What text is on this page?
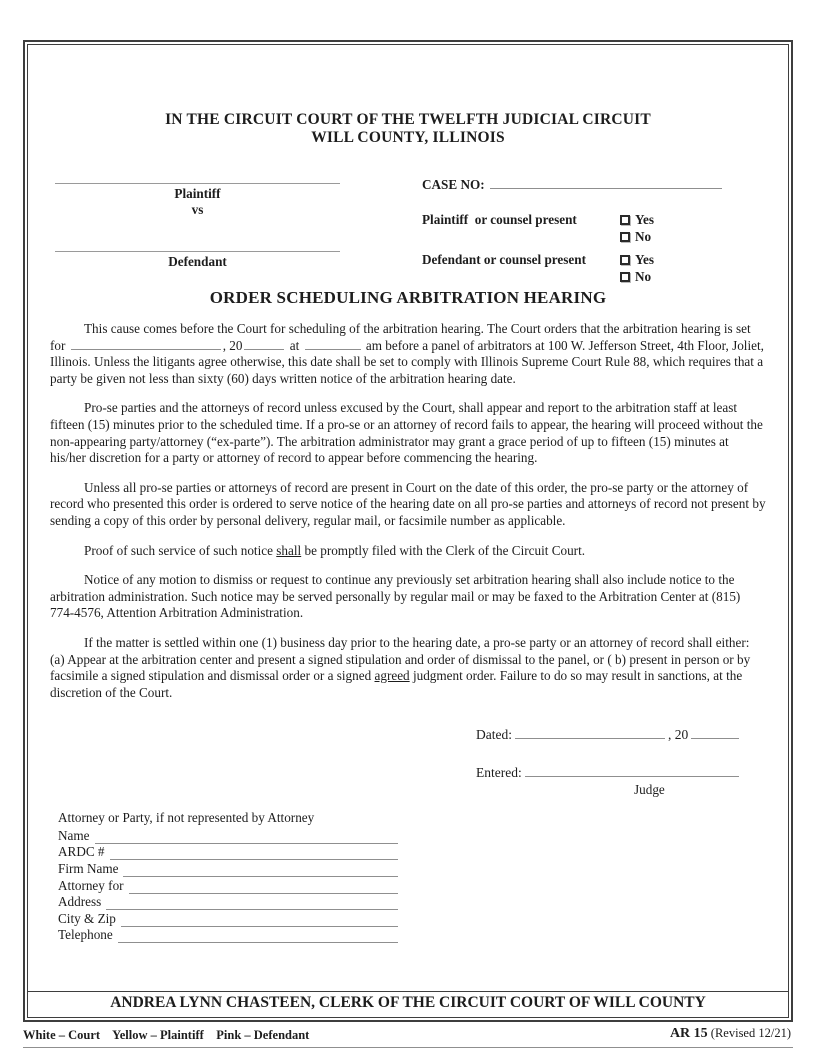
IN THE CIRCUIT COURT OF THE TWELFTH JUDICIAL CIRCUIT
WILL COUNTY, ILLINOIS
Plaintiff
vs
Defendant
CASE NO:
Plaintiff  or counsel present	Yes
No
Defendant or counsel present	Yes
No
ORDER SCHEDULING ARBITRATION HEARING
This cause comes before the Court for scheduling of the arbitration hearing. The Court orders that the arbitration hearing is set for	, 20	at	am before a panel of arbitrators at 100 W. Jefferson Street, 4th Floor, Joliet, Illinois. Unless the litigants agree otherwise, this date shall be set to comply with Illinois Supreme Court Rule 88, which requires that a party be given not less than sixty (60) days written notice of the arbitration hearing date.
Pro-se parties and the attorneys of record unless excused by the Court, shall appear and report to the arbitration staff at least fifteen (15) minutes prior to the scheduled time. If a pro-se or an attorney of record fails to appear, the hearing will proceed without the non-appearing party/attorney (“ex-parte”). The arbitration administrator may grant a grace period of up to fifteen (15) minutes at his/her discretion for a party or attorney of record to appear before commencing the hearing.
Unless all pro-se parties or attorneys of record are present in Court on the date of this order, the pro-se party or the attorney of record who presented this order is ordered to serve notice of the hearing date on all pro-se parties and attorneys of record not present by sending a copy of this order by personal delivery, regular mail, or facsimile number as applicable.
Proof of such service of such notice shall be promptly filed with the Clerk of the Circuit Court.
Notice of any motion to dismiss or request to continue any previously set arbitration hearing shall also include notice to the arbitration administration. Such notice may be served personally by regular mail or may be faxed to the Arbitration Center at (815) 774-4576, Attention Arbitration Administration.
If the matter is settled within one (1) business day prior to the hearing date, a pro-se party or an attorney of record shall either: (a) Appear at the arbitration center and present a signed stipulation and order of dismissal to the panel, or ( b) present in person or by facsimile a signed stipulation and dismissal order or a signed agreed judgment order. Failure to do so may result in sanctions, at the discretion of the Court.
Dated:	, 20
Entered:
Judge
Attorney or Party, if not represented by Attorney
Name
ARDC #
Firm Name
Attorney for
Address
City & Zip
Telephone
ANDREA LYNN CHASTEEN, CLERK OF THE CIRCUIT COURT OF WILL COUNTY
White – Court    Yellow – Plaintiff    Pink – Defendant	AR 15 (Revised 12/21)
